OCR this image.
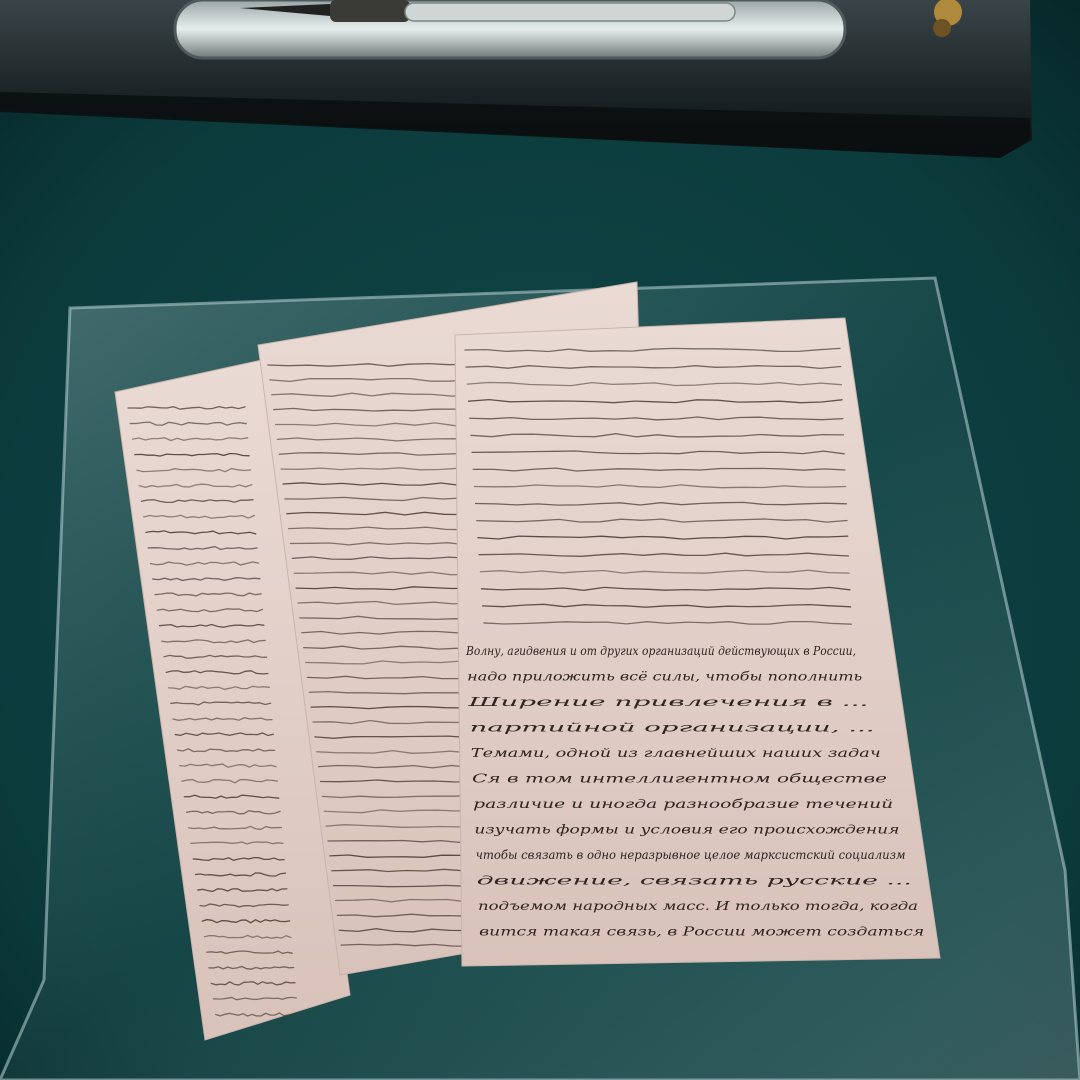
Волну, агидвения и от других организаций действующих в России,
надо приложить всё силы, чтобы пополнить
Ширение привлечения в ...
партийной организации, ...
Темами, одной из главнейших наших задач
Ся в том интеллигентном обществе
различие и иногда разнообразие течений
изучать формы и условия его происхождения
чтобы связать в одно неразрывное целое марксистский социализм
движение, связать русские ...
подъемом народных масс. И только тогда, когда
вится такая связь, в России может создаться
